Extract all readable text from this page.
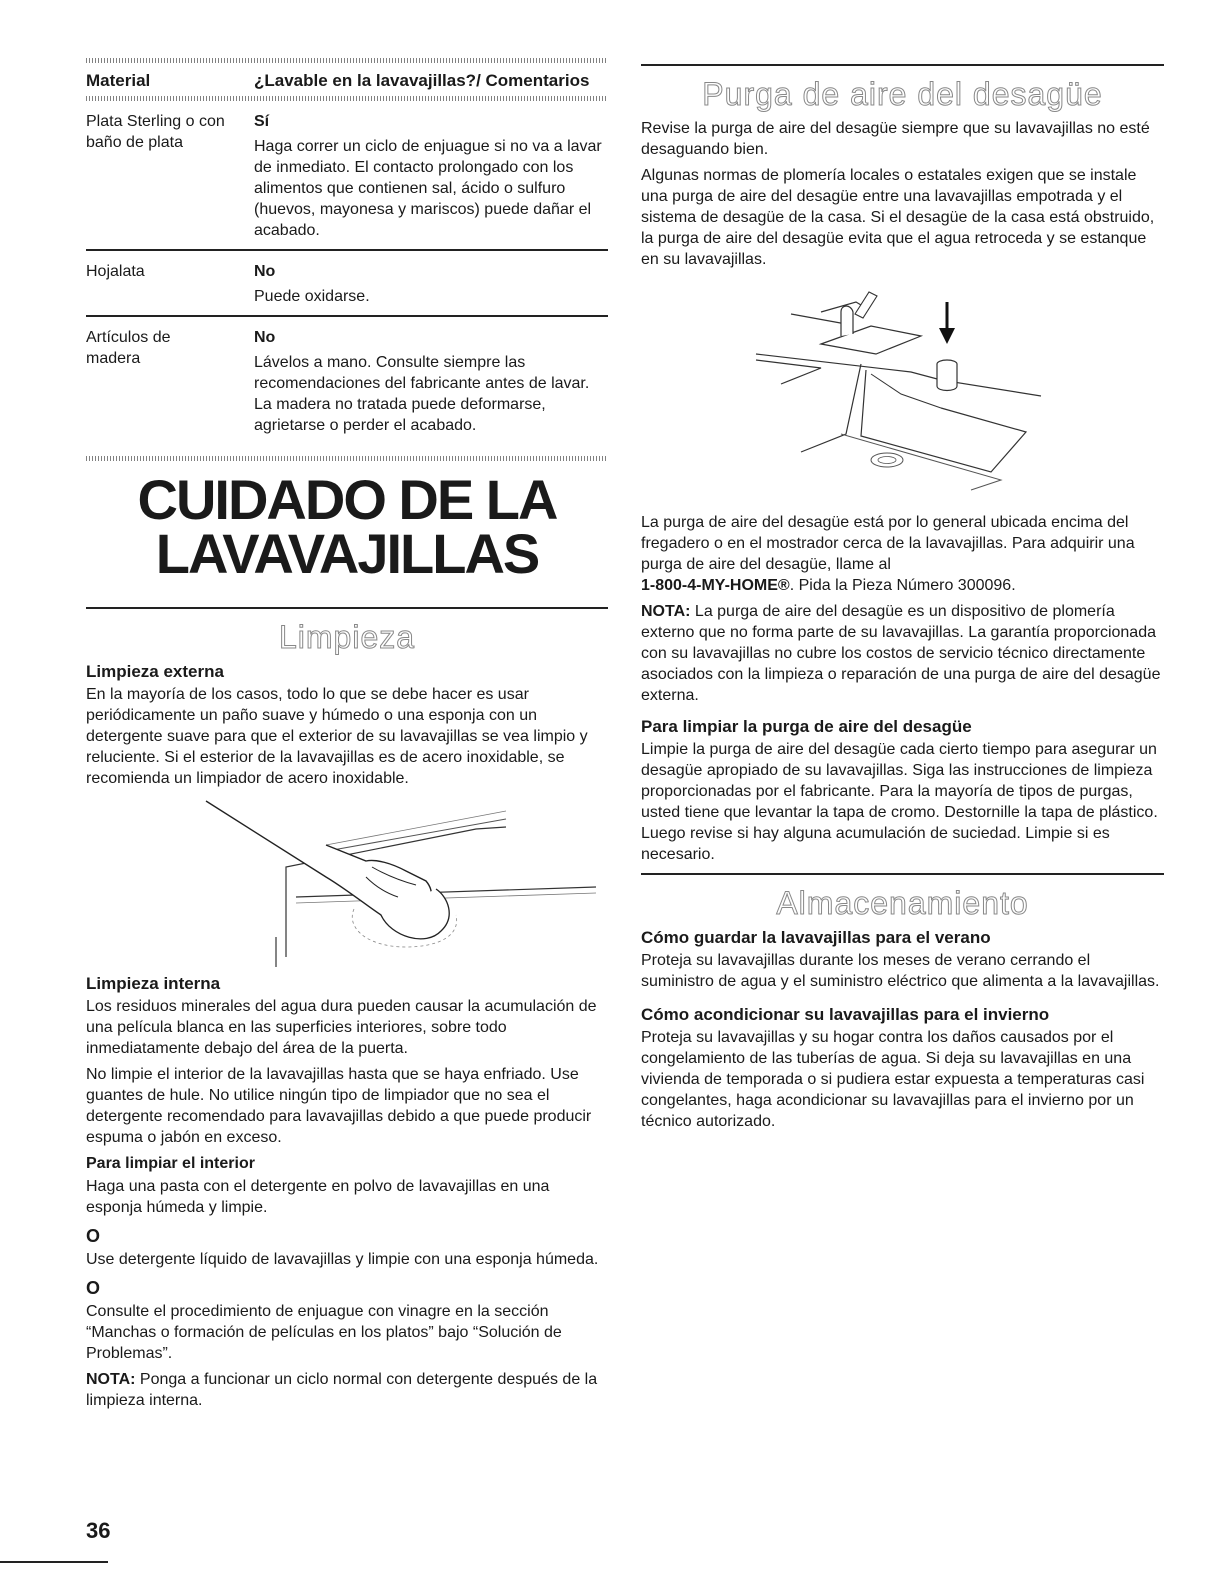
Material	¿Lavable en la lavavajillas?/ Comentarios
Plata Sterling o con baño de plata
Sí
Haga correr un ciclo de enjuague si no va a lavar de inmediato. El contacto prolongado con los alimentos que contienen sal, ácido o sulfuro (huevos, mayonesa y mariscos) puede dañar el acabado.
Hojalata	No
Puede oxidarse.
Artículos de madera
No
Lávelos a mano. Consulte siempre las recomendaciones del fabricante antes de lavar. La madera no tratada puede deformarse, agrietarse o perder el acabado.
CUIDADO DE LA
LAVAVAJILLAS
Limpieza
Limpieza externa

En la mayoría de los casos, todo lo que se debe hacer es usar periódicamente un paño suave y húmedo o una esponja con un detergente suave para que el exterior de su lavavajillas se vea limpio y reluciente. Si el esterior de la lavavajillas es de acero inoxidable, se recomienda un limpiador de acero inoxidable.

Limpieza interna

Los residuos minerales del agua dura pueden causar la acumulación de una película blanca en las superficies interiores, sobre todo inmediatamente debajo del área de la puerta.

No limpie el interior de la lavavajillas hasta que se haya enfriado. Use guantes de hule. No utilice ningún tipo de limpiador que no sea el detergente recomendado para lavavajillas debido a que puede producir espuma o jabón en exceso.

Para limpiar el interior

Haga una pasta con el detergente en polvo de lavavajillas en una esponja húmeda y limpie.

O

Use detergente líquido de lavavajillas y limpie con una esponja húmeda.

O

Consulte el procedimiento de enjuague con vinagre en la sección “Manchas o formación de películas en los platos” bajo “Solución de Problemas”.

NOTA: Ponga a funcionar un ciclo normal con detergente después de la limpieza interna.

Purga de aire del desagüe

Revise la purga de aire del desagüe siempre que su lavavajillas no esté desaguando bien.

Algunas normas de plomería locales o estatales exigen que se instale una purga de aire del desagüe entre una lavavajillas empotrada y el sistema de desagüe de la casa. Si el desagüe de la casa está obstruido, la purga de aire del desagüe evita que el agua retroceda y se estanque en su lavavajillas.

La purga de aire del desagüe está por lo general ubicada encima del fregadero o en el mostrador cerca de la lavavajillas. Para adquirir una purga de aire del desagüe, llame al
1-800-4-MY-HOME®. Pida la Pieza Número 300096.

NOTA: La purga de aire del desagüe es un dispositivo de plomería externo que no forma parte de su lavavajillas. La garantía proporcionada con su lavavajillas no cubre los costos de servicio técnico directamente asociados con la limpieza o reparación de una purga de aire del desagüe externa.

Para limpiar la purga de aire del desagüe

Limpie la purga de aire del desagüe cada cierto tiempo para asegurar un desagüe apropiado de su lavavajillas. Siga las instrucciones de limpieza proporcionadas por el fabricante. Para la mayoría de tipos de purgas, usted tiene que levantar la tapa de cromo. Destornille la tapa de plástico. Luego revise si hay alguna acumulación de suciedad. Limpie si es necesario.

Almacenamiento
Cómo guardar la lavavajillas para el verano

Proteja su lavavajillas durante los meses de verano cerrando el suministro de agua y el suministro eléctrico que alimenta a la lavavajillas.

Cómo acondicionar su lavavajillas para el invierno

Proteja su lavavajillas y su hogar contra los daños causados por el congelamiento de las tuberías de agua. Si deja su lavavajillas en una vivienda de temporada o si pudiera estar expuesta a temperaturas casi congelantes, haga acondicionar su lavavajillas para el invierno por un técnico autorizado.

36
